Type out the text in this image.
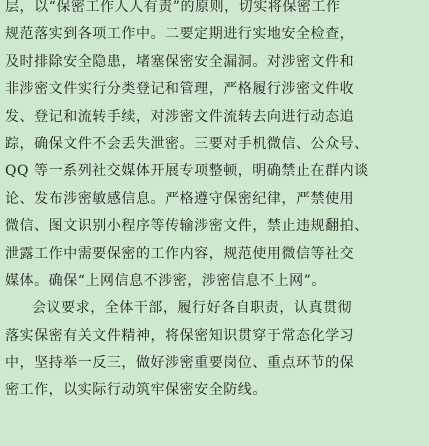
层，以“保密工作人人有责”的原则，切实将保密工作
规范落实到各项工作中。二要定期进行实地安全检查，
及时排除安全隐患，堵塞保密安全漏洞。对涉密文件和
非涉密文件实行分类登记和管理，严格履行涉密文件收
发、登记和流转手续，对涉密文件流转去向进行动态追
踪，确保文件不会丢失泄密。三要对手机微信、公众号、
QQ 等一系列社交媒体开展专项整顿，明确禁止在群内谈
论、发布涉密敏感信息。严格遵守保密纪律，严禁使用
微信、图文识别小程序等传输涉密文件，禁止违规翻拍、
泄露工作中需要保密的工作内容，规范使用微信等社交
媒体。确保“上网信息不涉密，涉密信息不上网”。
会议要求，全体干部，履行好各自职责，认真贯彻
落实保密有关文件精神，将保密知识贯穿于常态化学习
中，坚持举一反三，做好涉密重要岗位、重点环节的保
密工作，以实际行动筑牢保密安全防线。
